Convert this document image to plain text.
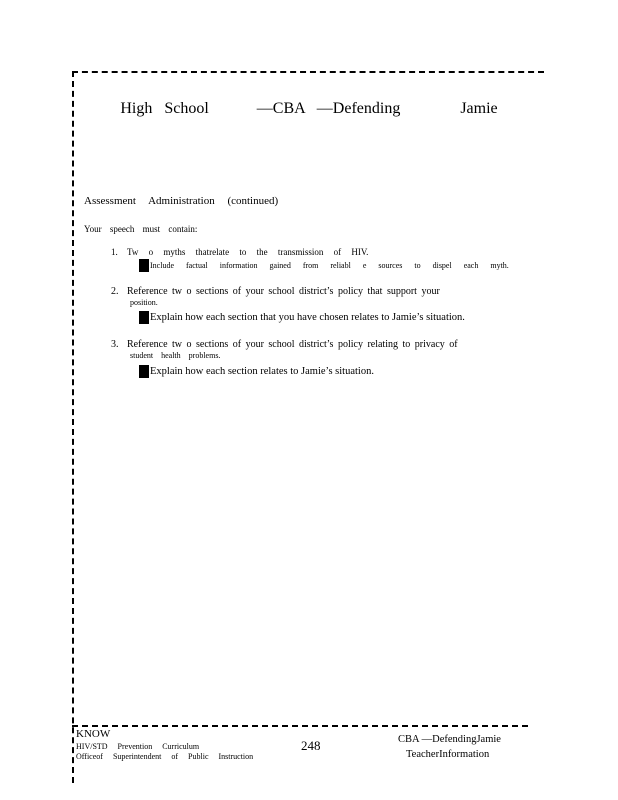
High School	—CBA —Defending	Jamie
Assessment Administration (continued)
Your speech must contain:
1. Tw o myths thatrelate to the transmission of HIV.
Include factual information gained from reliabl e sources to dispel each myth.
2. Reference tw o sections of your school district’s policy that support your
position.
Explain how each section that you have chosen relates to Jamie’s situation.
3. Reference tw o sections of your school district’s policy relating to privacy of
student health problems.
Explain how each section relates to Jamie’s situation.
KNOW
HIV/STD Prevention Curriculum
Officeof Superintendent of Public Instruction
248	CBA —DefendingJamie
TeacherInformation
